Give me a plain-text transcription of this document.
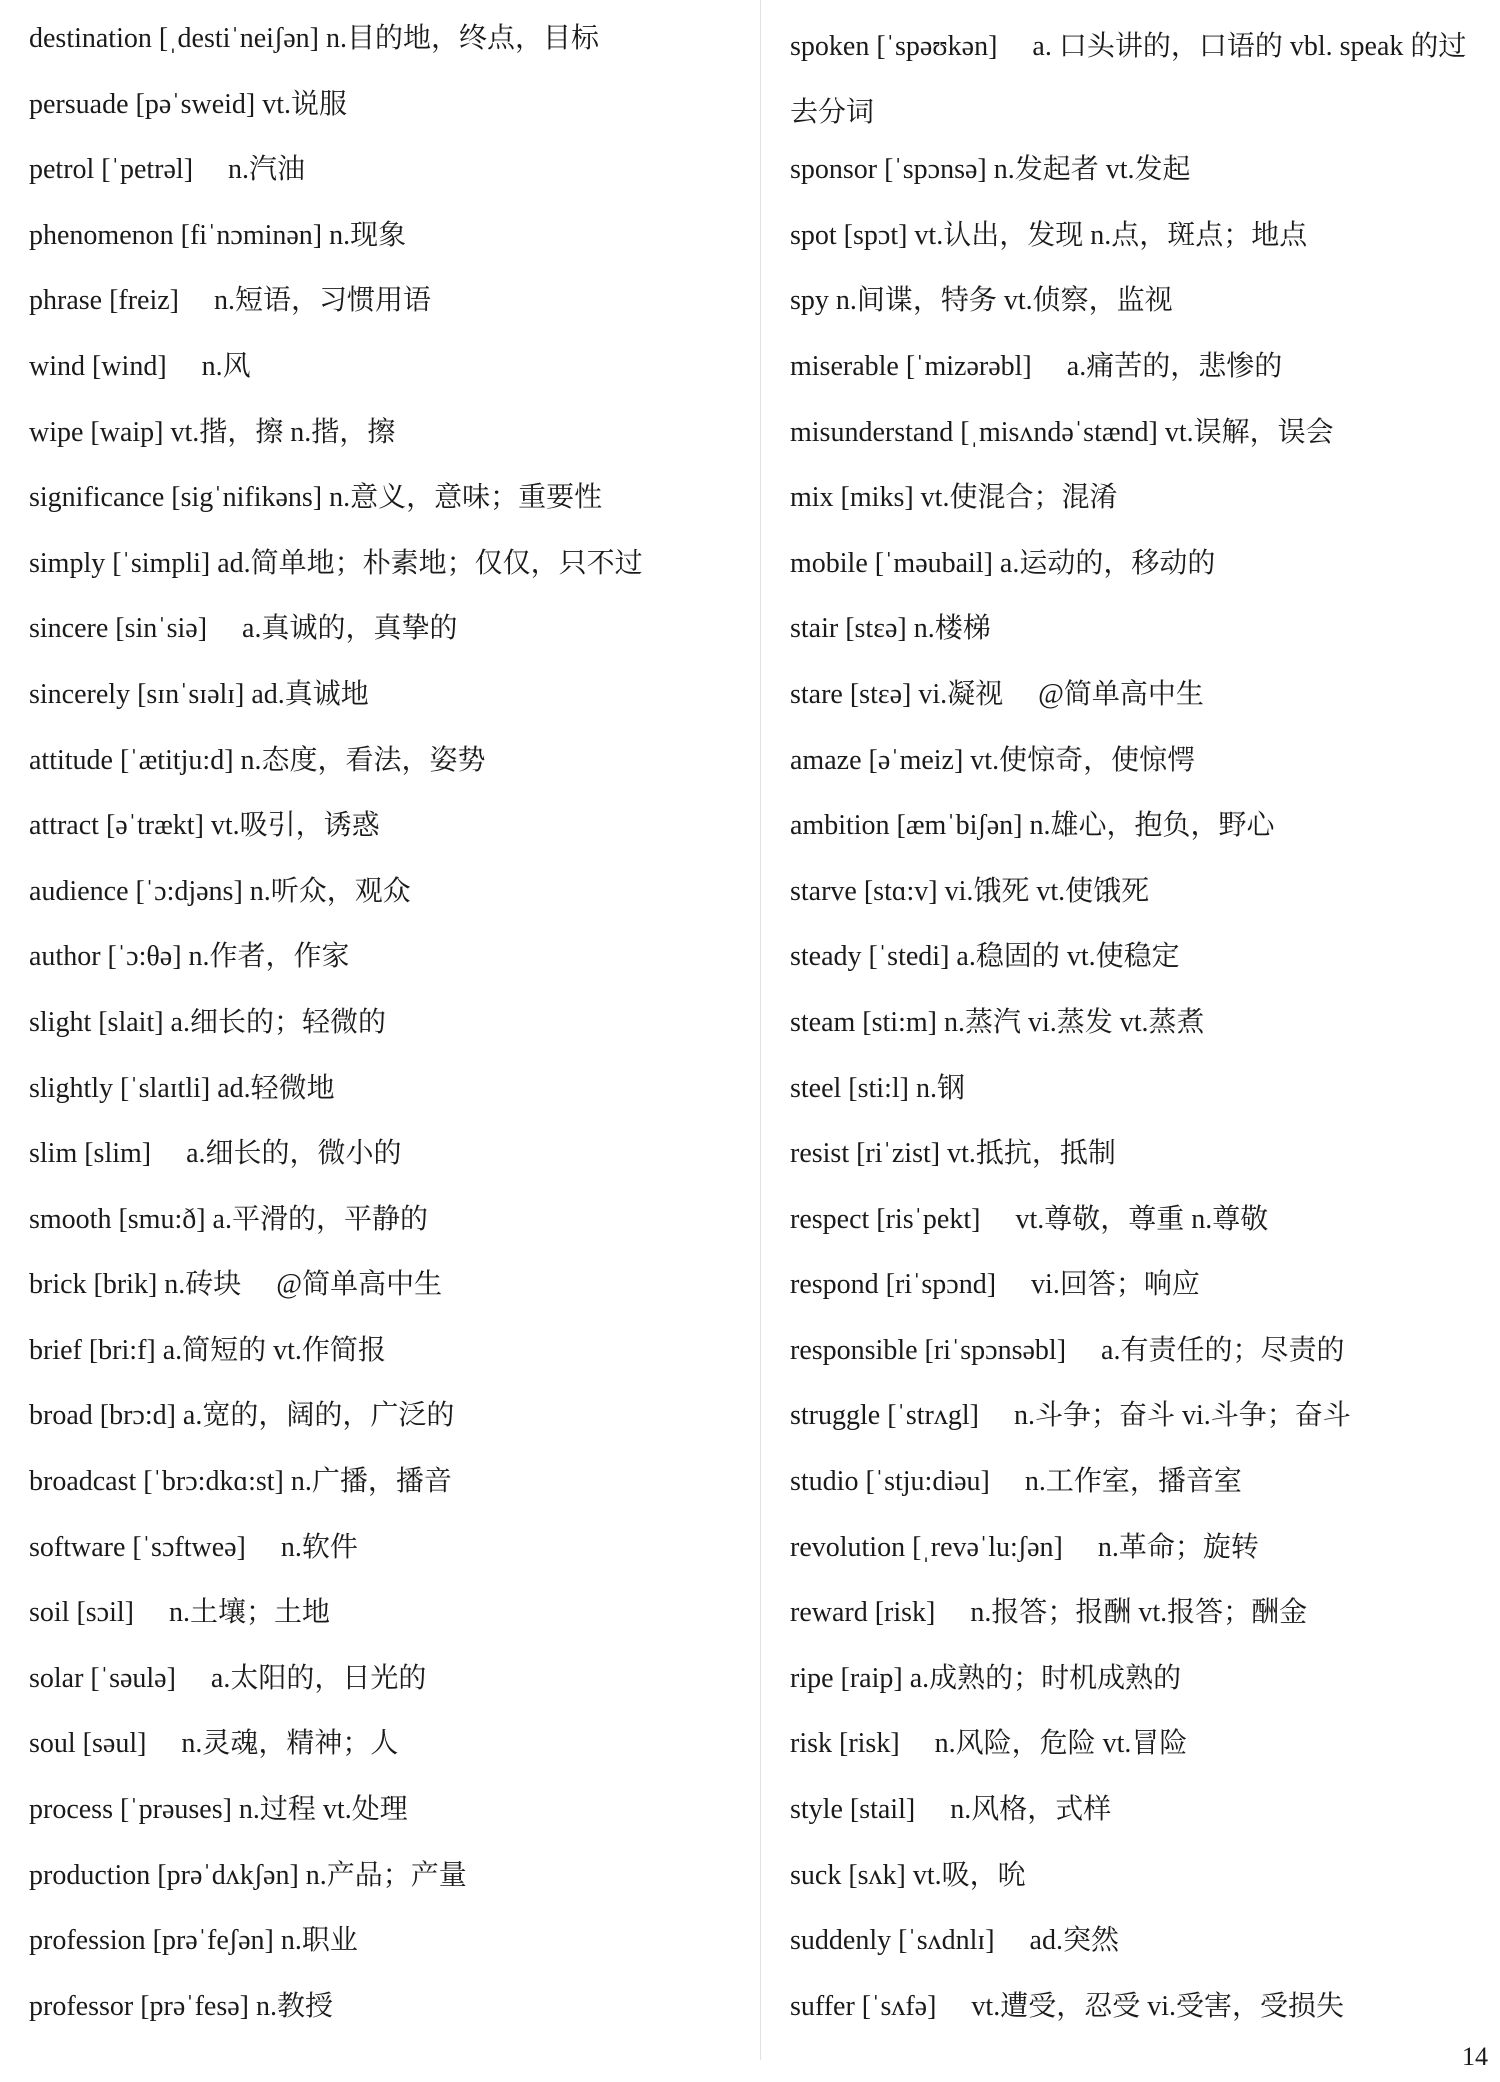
destination [ˌdestiˈneiʃən] n.目的地，终点，目标
persuade [pəˈsweid] vt.说服
petrol [ˈpetrəl]　 n.汽油
phenomenon [fiˈnɔminən] n.现象
phrase [freiz]　 n.短语，习惯用语
wind [wind]　 n.风
wipe [waip] vt.揩，擦 n.揩，擦
significance [sigˈnifikəns] n.意义，意味；重要性
simply [ˈsimpli] ad.简单地；朴素地；仅仅，只不过
sincere [sinˈsiə]　 a.真诚的，真挚的
sincerely [sɪnˈsɪəlɪ] ad.真诚地
attitude [ˈætitju:d] n.态度，看法，姿势
attract [əˈtrækt] vt.吸引，诱惑
audience [ˈɔ:djəns] n.听众，观众
author [ˈɔ:θə] n.作者，作家
slight [slait] a.细长的；轻微的
slightly [ˈslaɪtli] ad.轻微地
slim [slim]　 a.细长的，微小的
smooth [smu:ð] a.平滑的，平静的
brick [brik] n.砖块　 @简单高中生
brief [bri:f] a.简短的 vt.作简报
broad [brɔ:d] a.宽的，阔的，广泛的
broadcast [ˈbrɔ:dkɑ:st] n.广播，播音
software [ˈsɔftweə]　 n.软件
soil [sɔil]　 n.土壤；土地
solar [ˈsəulə]　 a.太阳的，日光的
soul [səul]　 n.灵魂，精神；人
process [ˈprəuses] n.过程 vt.处理
production [prəˈdʌkʃən] n.产品；产量
profession [prəˈfeʃən] n.职业
professor [prəˈfesə] n.教授
spoken [ˈspəʊkən]　 a. 口头讲的，口语的 vbl. speak 的过去分词
sponsor [ˈspɔnsə] n.发起者 vt.发起
spot [spɔt] vt.认出，发现 n.点，斑点；地点
spy n.间谍，特务 vt.侦察，监视
miserable [ˈmizərəbl]　 a.痛苦的，悲惨的
misunderstand [ˌmisʌndəˈstænd] vt.误解，误会
mix [miks] vt.使混合；混淆
mobile [ˈməubail] a.运动的，移动的
stair [stɛə] n.楼梯
stare [stɛə] vi.凝视　 @简单高中生
amaze [əˈmeiz] vt.使惊奇，使惊愕
ambition [æmˈbiʃən] n.雄心，抱负，野心
starve [stɑ:v] vi.饿死 vt.使饿死
steady [ˈstedi] a.稳固的 vt.使稳定
steam [sti:m] n.蒸汽 vi.蒸发 vt.蒸煮
steel [sti:l] n.钢
resist [riˈzist] vt.抵抗，抵制
respect [risˈpekt]　 vt.尊敬，尊重 n.尊敬
respond [riˈspɔnd]　 vi.回答；响应
responsible [riˈspɔnsəbl]　 a.有责任的；尽责的
struggle [ˈstrʌgl]　 n.斗争；奋斗 vi.斗争；奋斗
studio [ˈstju:diəu]　 n.工作室，播音室
revolution [ˌrevəˈlu:ʃən]　 n.革命；旋转
reward [risk]　 n.报答；报酬 vt.报答；酬金
ripe [raip] a.成熟的；时机成熟的
risk [risk]　 n.风险，危险 vt.冒险
style [stail]　 n.风格，式样
suck [sʌk] vt.吸，吮
suddenly [ˈsʌdnlɪ]　 ad.突然
suffer [ˈsʌfə]　 vt.遭受，忍受 vi.受害，受损失
14
